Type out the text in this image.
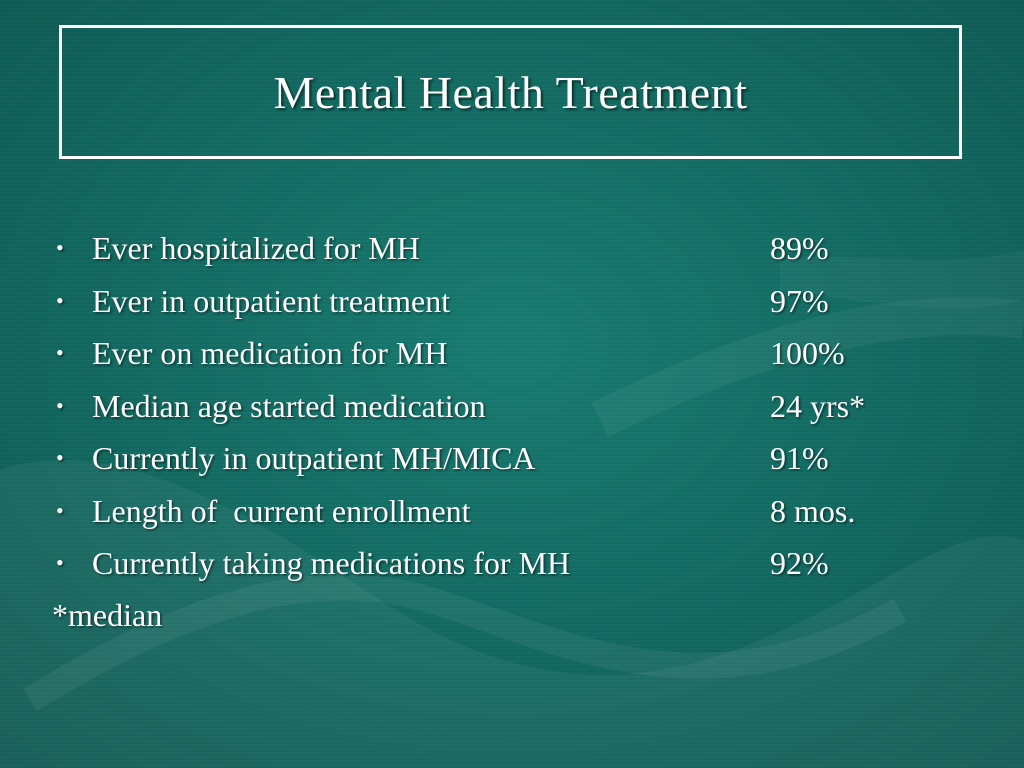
Mental Health Treatment
• Ever hospitalized for MH	89%
• Ever in outpatient treatment	97%
• Ever on medication for MH	100%
• Median age started medication	24 yrs*
• Currently in outpatient MH/MICA	91%
• Length of  current enrollment	8 mos.
• Currently taking medications for MH	92%
*median
